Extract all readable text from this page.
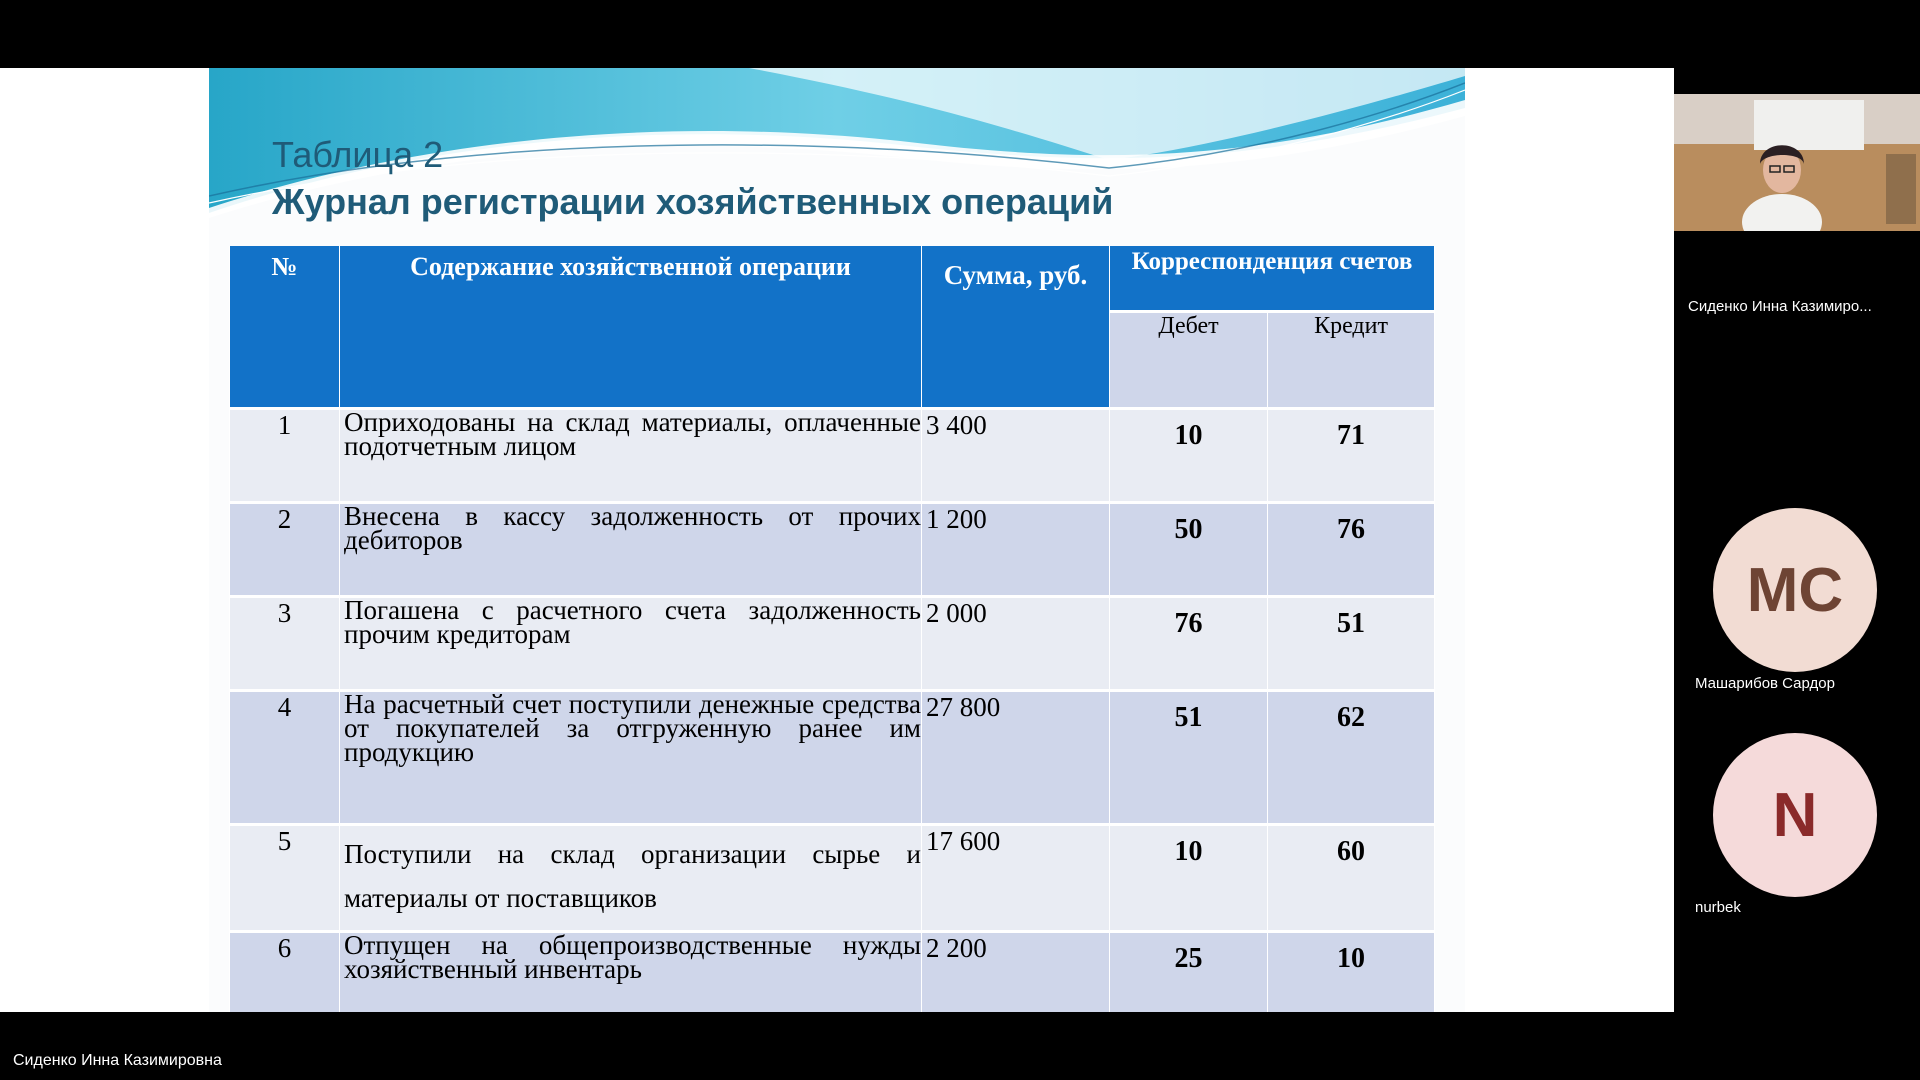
Таблица 2
Журнал регистрации хозяйственных операций
№	Содержание хозяйственной операции	Сумма, руб.	Корреспонденция счетов	
			Дебет	Кредит
1	Оприходованы на склад материалы, оплаченные подотчетным лицом	3 400	10	71
2	Внесена в кассу задолженность от прочих дебиторов	1 200	50	76
3	Погашена с расчетного счета задолженность прочим кредиторам	2 000	76	51
4	На расчетный счет поступили денежные средства от покупателей за отгруженную ранее им продукцию	27 800	51	62
5	Поступили на склад организации сырье и материалы от поставщиков	17 600	10	60
6	Отпущен на общепроизводственные нужды хозяйственный инвентарь	2 200	25	10
Сиденко Инна Казимиро...
MC
Машарибов Сардор
N
nurbek
Сиденко Инна Казимировна
